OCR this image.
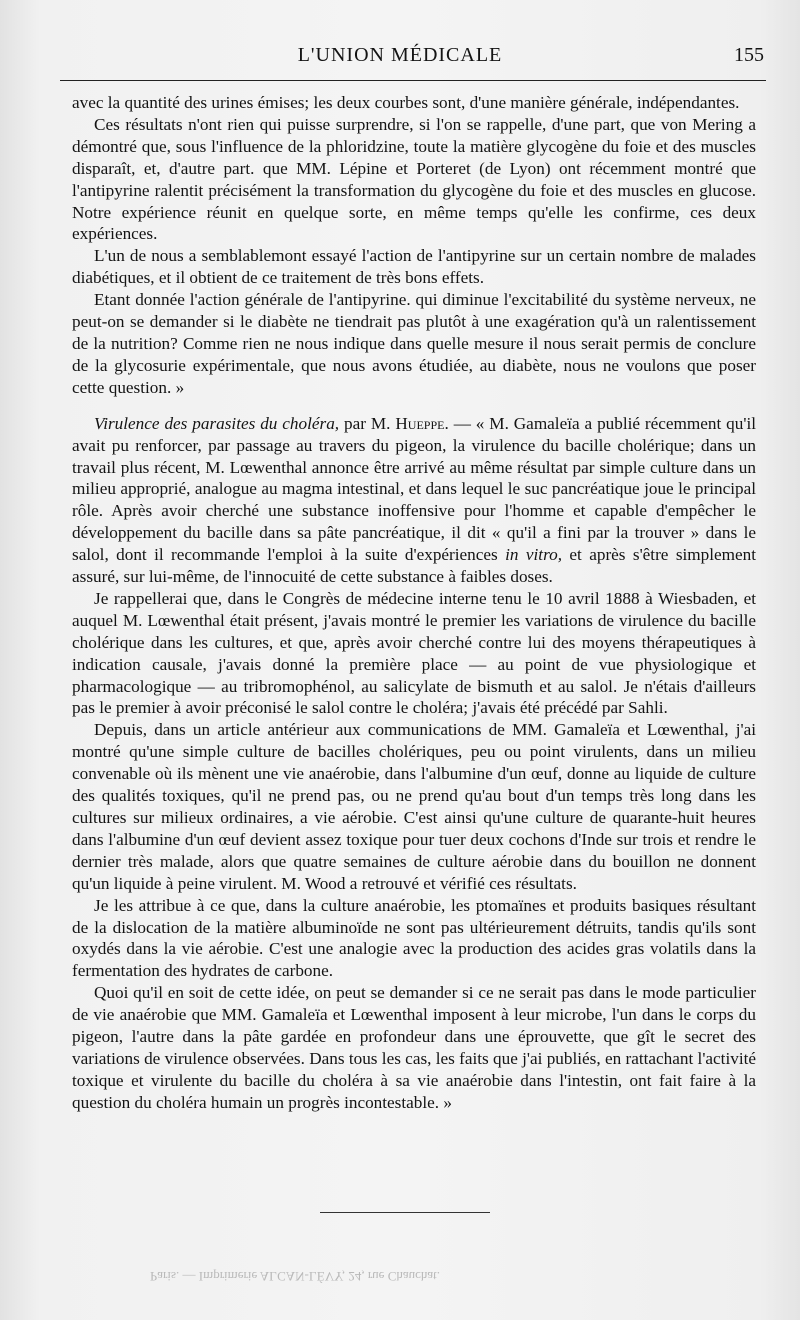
L'UNION MÉDICALE	155

avec la quantité des urines émises; les deux courbes sont, d'une manière générale, indépendantes.

Ces résultats n'ont rien qui puisse surprendre, si l'on se rappelle, d'une part, que von Mering a démontré que, sous l'influence de la phloridzine, toute la matière glycogène du foie et des muscles disparaît, et, d'autre part. que MM. Lépine et Porteret (de Lyon) ont récemment montré que l'antipyrine ralentit précisément la transformation du glycogène du foie et des muscles en glucose. Notre expérience réunit en quelque sorte, en même temps qu'elle les confirme, ces deux expériences.

L'un de nous a semblablemont essayé l'action de l'antipyrine sur un certain nombre de malades diabétiques, et il obtient de ce traitement de très bons effets.

Etant donnée l'action générale de l'antipyrine. qui diminue l'excitabilité du système nerveux, ne peut-on se demander si le diabète ne tiendrait pas plutôt à une exagération qu'à un ralentissement de la nutrition? Comme rien ne nous indique dans quelle mesure il nous serait permis de conclure de la glycosurie expérimentale, que nous avons étudiée, au diabète, nous ne voulons que poser cette question. »

Virulence des parasites du choléra, par M. Hueppe. — « M. Gamaleïa a publié récemment qu'il avait pu renforcer, par passage au travers du pigeon, la virulence du bacille cholérique; dans un travail plus récent, M. Lœwenthal annonce être arrivé au même résultat par simple culture dans un milieu approprié, analogue au magma intestinal, et dans lequel le suc pancréatique joue le principal rôle. Après avoir cherché une substance inoffensive pour l'homme et capable d'empêcher le développement du bacille dans sa pâte pancréatique, il dit « qu'il a fini par la trouver » dans le salol, dont il recommande l'emploi à la suite d'expériences in vitro, et après s'être simplement assuré, sur lui-même, de l'innocuité de cette substance à faibles doses.

Je rappellerai que, dans le Congrès de médecine interne tenu le 10 avril 1888 à Wiesbaden, et auquel M. Lœwenthal était présent, j'avais montré le premier les variations de virulence du bacille cholérique dans les cultures, et que, après avoir cherché contre lui des moyens thérapeutiques à indication causale, j'avais donné la première place — au point de vue physiologique et pharmacologique — au tribromophénol, au salicylate de bismuth et au salol. Je n'étais d'ailleurs pas le premier à avoir préconisé le salol contre le choléra; j'avais été précédé par Sahli.

Depuis, dans un article antérieur aux communications de MM. Gamaleïa et Lœwenthal, j'ai montré qu'une simple culture de bacilles cholériques, peu ou point virulents, dans un milieu convenable où ils mènent une vie anaérobie, dans l'albumine d'un œuf, donne au liquide de culture des qualités toxiques, qu'il ne prend pas, ou ne prend qu'au bout d'un temps très long dans les cultures sur milieux ordinaires, a vie aérobie. C'est ainsi qu'une culture de quarante-huit heures dans l'albumine d'un œuf devient assez toxique pour tuer deux cochons d'Inde sur trois et rendre le dernier très malade, alors que quatre semaines de culture aérobie dans du bouillon ne donnent qu'un liquide à peine virulent. M. Wood a retrouvé et vérifié ces résultats.

Je les attribue à ce que, dans la culture anaérobie, les ptomaïnes et produits basiques résultant de la dislocation de la matière albuminoïde ne sont pas ultérieurement détruits, tandis qu'ils sont oxydés dans la vie aérobie. C'est une analogie avec la production des acides gras volatils dans la fermentation des hydrates de carbone.

Quoi qu'il en soit de cette idée, on peut se demander si ce ne serait pas dans le mode particulier de vie anaérobie que MM. Gamaleïa et Lœwenthal imposent à leur microbe, l'un dans le corps du pigeon, l'autre dans la pâte gardée en profondeur dans une éprouvette, que gît le secret des variations de virulence observées. Dans tous les cas, les faits que j'ai publiés, en rattachant l'activité toxique et virulente du bacille du choléra à sa vie anaérobie dans l'intestin, ont fait faire à la question du choléra humain un progrès incontestable. »

Paris. — Imprimerie ALCAN-LÉVY, 24, rue Chauchat.
